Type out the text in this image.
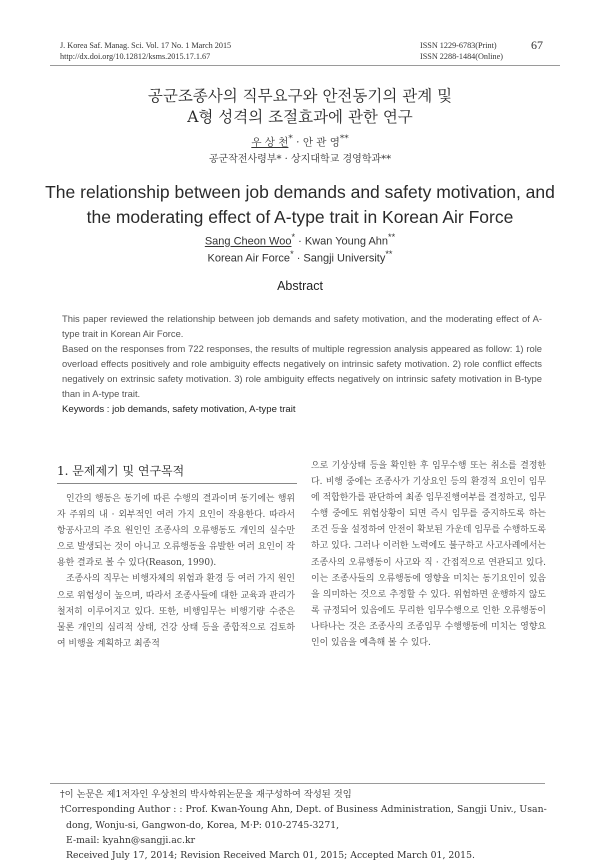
J. Korea Saf. Manag. Sci. Vol. 17 No. 1 March 2015
http://dx.doi.org/10.12812/ksms.2015.17.1.67
ISSN 1229-6783(Print)
ISSN 2288-1484(Online)
67
공군조종사의 직무요구와 안전동기의 관계 및
A형 성격의 조절효과에 관한 연구
우 상 천* · 안 관 영**
공군작전사령부* · 상지대학교 경영학과**
The relationship between job demands and safety motivation, and
the moderating effect of A-type trait in Korean Air Force
Sang Cheon Woo* · Kwan Young Ahn**
Korean Air Force* · Sangji University**
Abstract

This paper reviewed the relationship between job demands and safety motivation, and the moderating effect of A-type trait in Korean Air Force.

Based on the responses from 722 responses, the results of multiple regression analysis appeared as follow: 1) role overload effects positively and role ambiguity effects negatively on intrinsic safety motivation. 2) role conflict effects negatively on extrinsic safety motivation. 3) role ambiguity effects negatively on intrinsic safety motivation in B-type than in A-type trait.

Keywords : job demands, safety motivation, A-type trait
1. 문제제기 및 연구목적

인간의 행동은 동기에 따른 수행의 결과이며 동기에는 행위자 주위의 내 · 외부적인 여러 가지 요인이 작용한다. 따라서 항공사고의 주요 원인인 조종사의 오류행동도 개인의 실수만으로 발생되는 것이 아니고 오류행동을 유발한 여러 요인이 작용한 결과로 볼 수 있다(Reason, 1990).

조종사의 직무는 비행자체의 위험과 환경 등 여러 가지 원인으로 위험성이 높으며, 따라서 조종사들에 대한 교육과 관리가 철저히 이루어지고 있다. 또한, 비행임무는 비행기량 수준은 물론 개인의 심리적 상태, 건강 상태 등을 종합적으로 검토하여 비행을 계획하고 최종적

으로 기상상태 등을 확인한 후 임무수행 또는 취소를 결정한다. 비행 중에는 조종사가 기상요인 등의 환경적 요인이 임무에 적합한가를 판단하여 최종 임무진행여부를 결정하고, 임무수행 중에도 위험상황이 되면 즉시 임무를 중지하도록 하는 조건 등을 설정하여 안전이 확보된 가운데 임무를 수행하도록 하고 있다. 그러나 이러한 노력에도 불구하고 사고사례에서는 조종사의 오류행동이 사고와 직 · 간접적으로 연관되고 있다. 이는 조종사들의 오류행동에 영향을 미치는 동기요인이 있음을 의미하는 것으로 추정할 수 있다. 위험하면 운행하지 않도록 규정되어 있음에도 무리한 임무수행으로 인한 오류행동이 나타나는 것은 조종사의 조종임무 수행행동에 미치는 영향요인이 있음을 예측해 볼 수 있다.

†이 논문은 제1저자인 우상천의 박사학위논문을 재구성하여 작성된 것임

†Corresponding Author : : Prof. Kwan-Young Ahn, Dept. of Business Administration, Sangji Univ., Usan-dong, Wonju-si, Gangwon-do, Korea, M·P: 010-2745-3271,

E-mail: kyahn@sangji.ac.kr

Received July 17, 2014; Revision Received March 01, 2015; Accepted March 01, 2015.
